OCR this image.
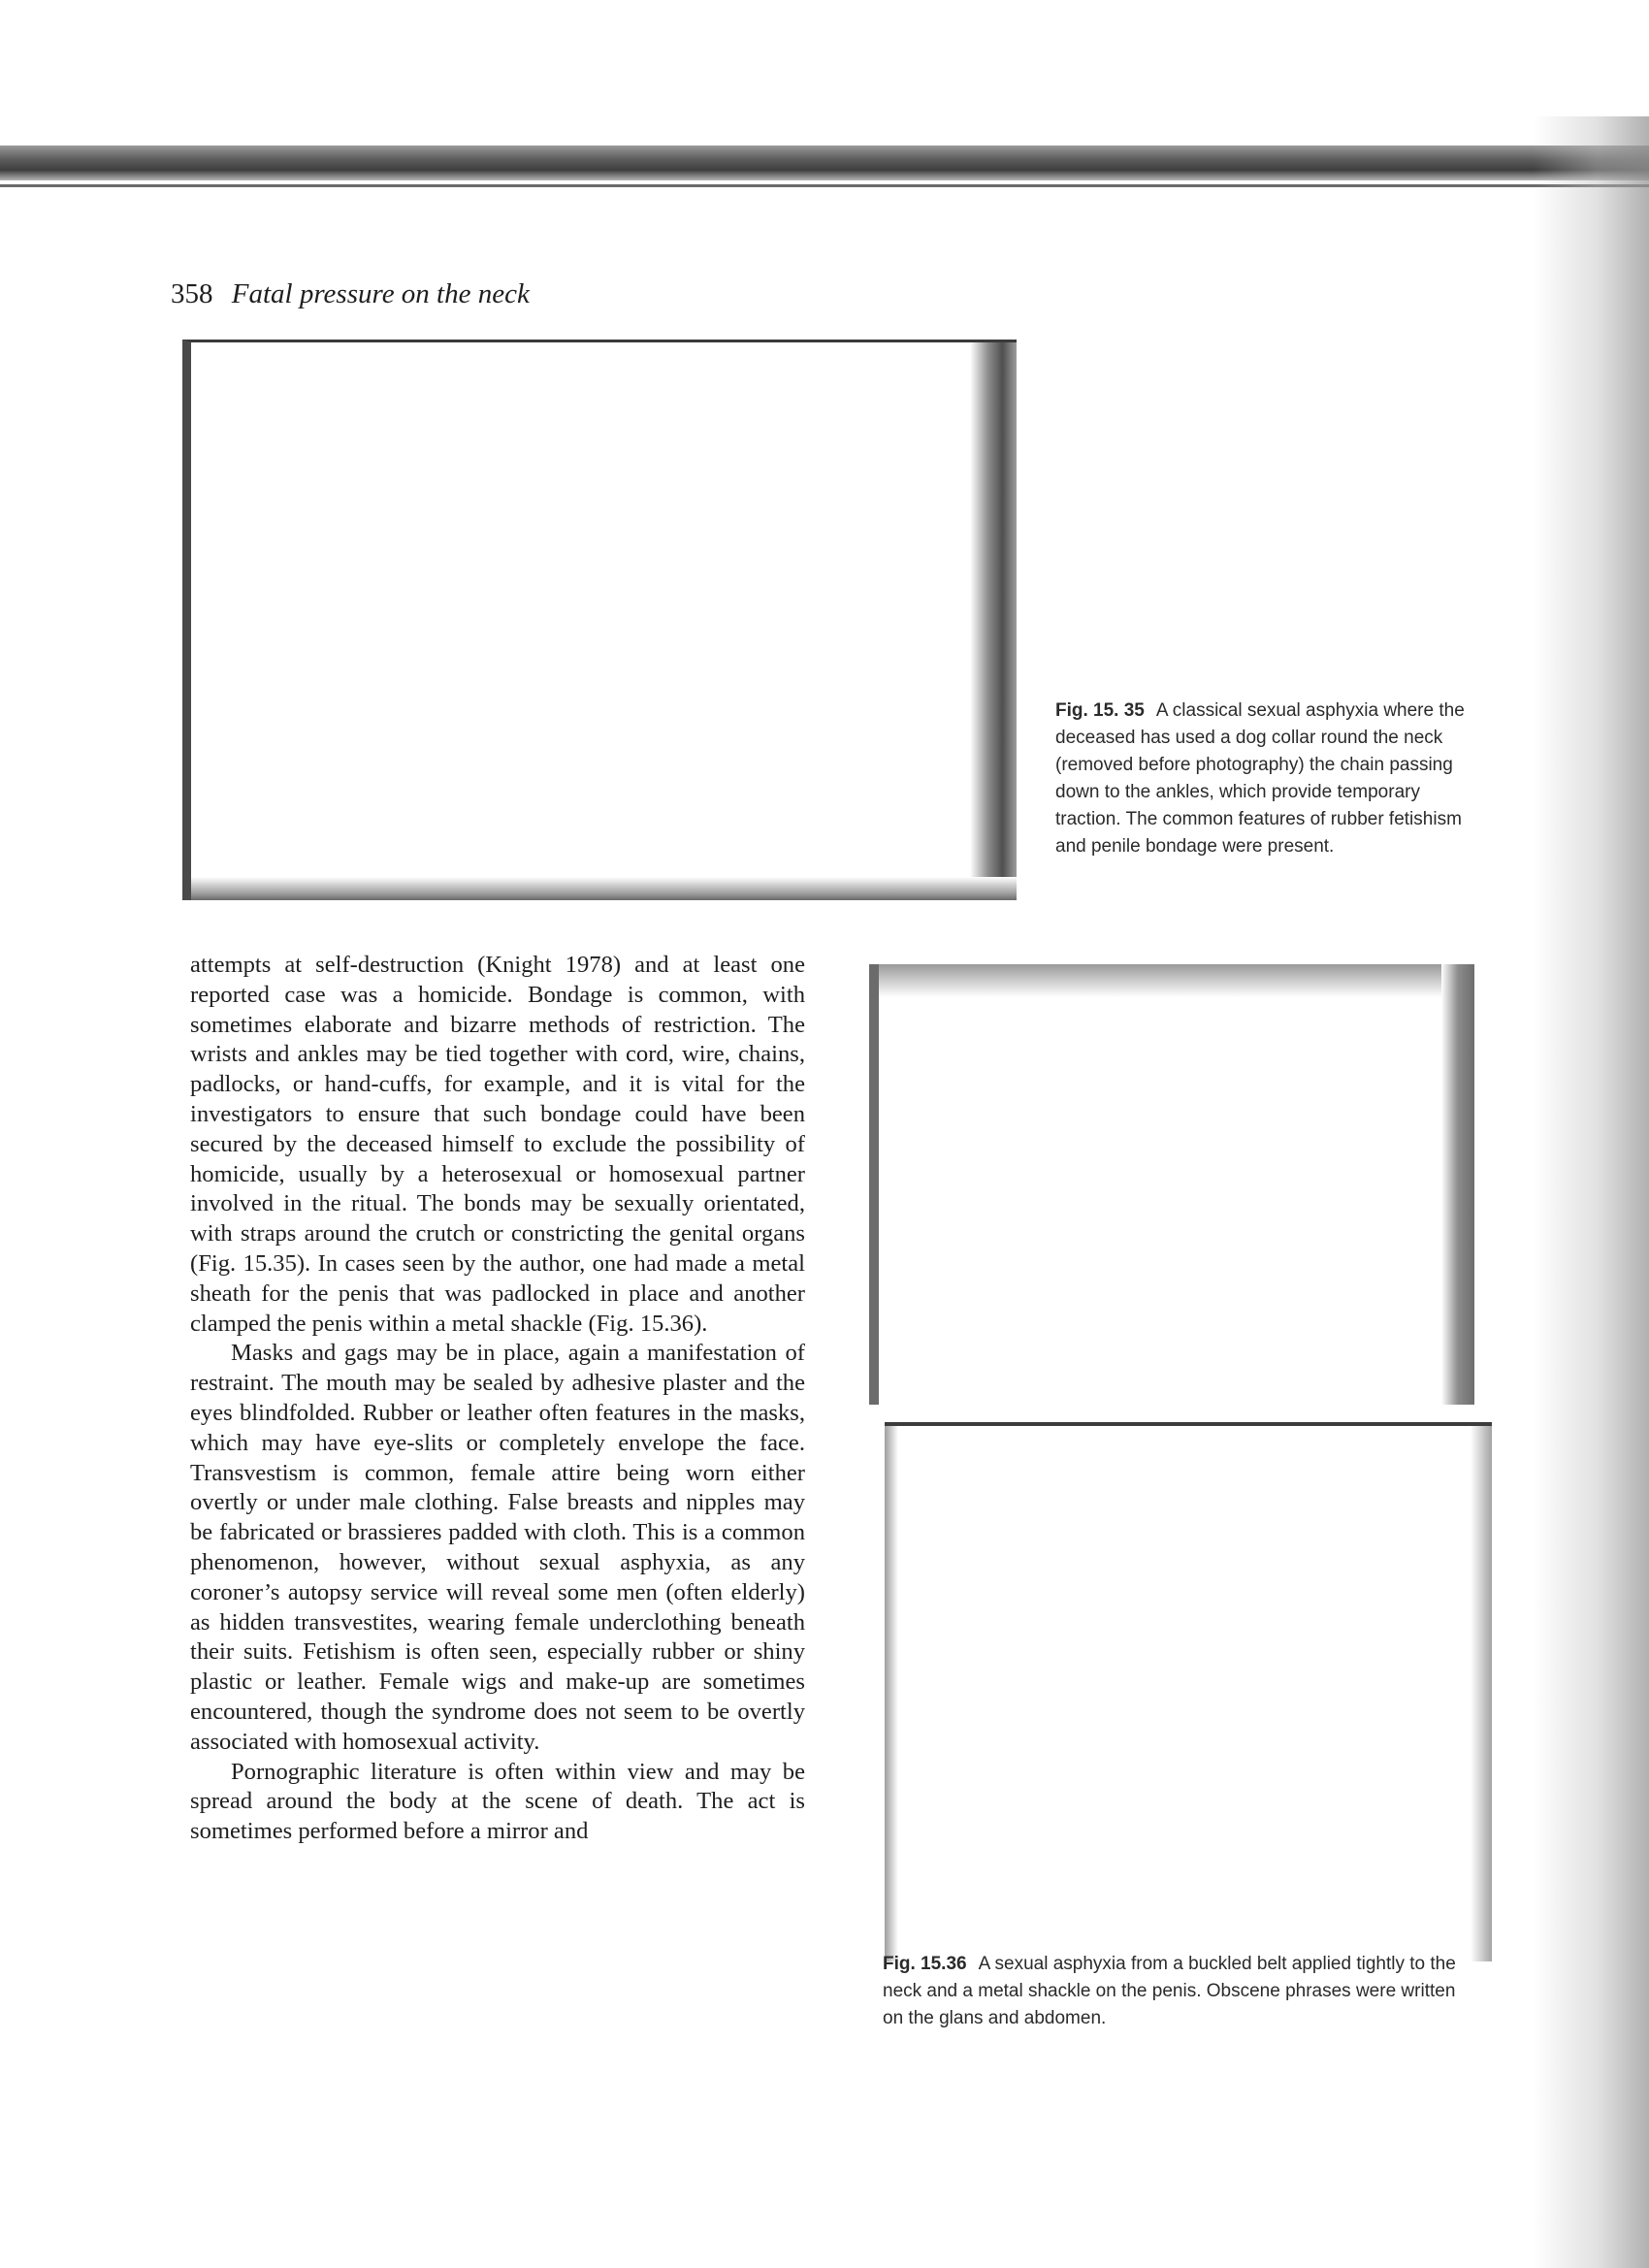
358 Fatal pressure on the neck
Fig. 15. 35 A classical sexual asphyxia where the deceased has used a dog collar round the neck (removed before photography) the chain passing down to the ankles, which provide temporary traction. The common features of rubber fetishism and penile bondage were present.
Fig. 15.36 A sexual asphyxia from a buckled belt applied tightly to the neck and a metal shackle on the penis. Obscene phrases were written on the glans and abdomen.

attempts at self-destruction (Knight 1978) and at least one reported case was a homicide. Bondage is common, with sometimes elaborate and bizarre methods of restriction. The wrists and ankles may be tied together with cord, wire, chains, padlocks, or hand-cuffs, for example, and it is vital for the investigators to ensure that such bondage could have been secured by the deceased himself to exclude the possibility of homicide, usually by a heterosexual or homosexual partner involved in the ritual. The bonds may be sexually orientated, with straps around the crutch or constricting the genital organs (Fig. 15.35). In cases seen by the author, one had made a metal sheath for the penis that was padlocked in place and another clamped the penis within a metal shackle (Fig. 15.36).

Masks and gags may be in place, again a manifestation of restraint. The mouth may be sealed by adhesive plaster and the eyes blindfolded. Rubber or leather often features in the masks, which may have eye-slits or completely envelope the face. Transvestism is common, female attire being worn either overtly or under male clothing. False breasts and nipples may be fabricated or brassieres padded with cloth. This is a common phenomenon, however, without sexual asphyxia, as any coroner’s autopsy service will reveal some men (often elderly) as hidden transvestites, wearing female underclothing beneath their suits. Fetishism is often seen, especially rubber or shiny plastic or leather. Female wigs and make-up are sometimes encountered, though the syndrome does not seem to be overtly associated with homosexual activity.

Pornographic literature is often within view and may be spread around the body at the scene of death. The act is sometimes performed before a mirror and
